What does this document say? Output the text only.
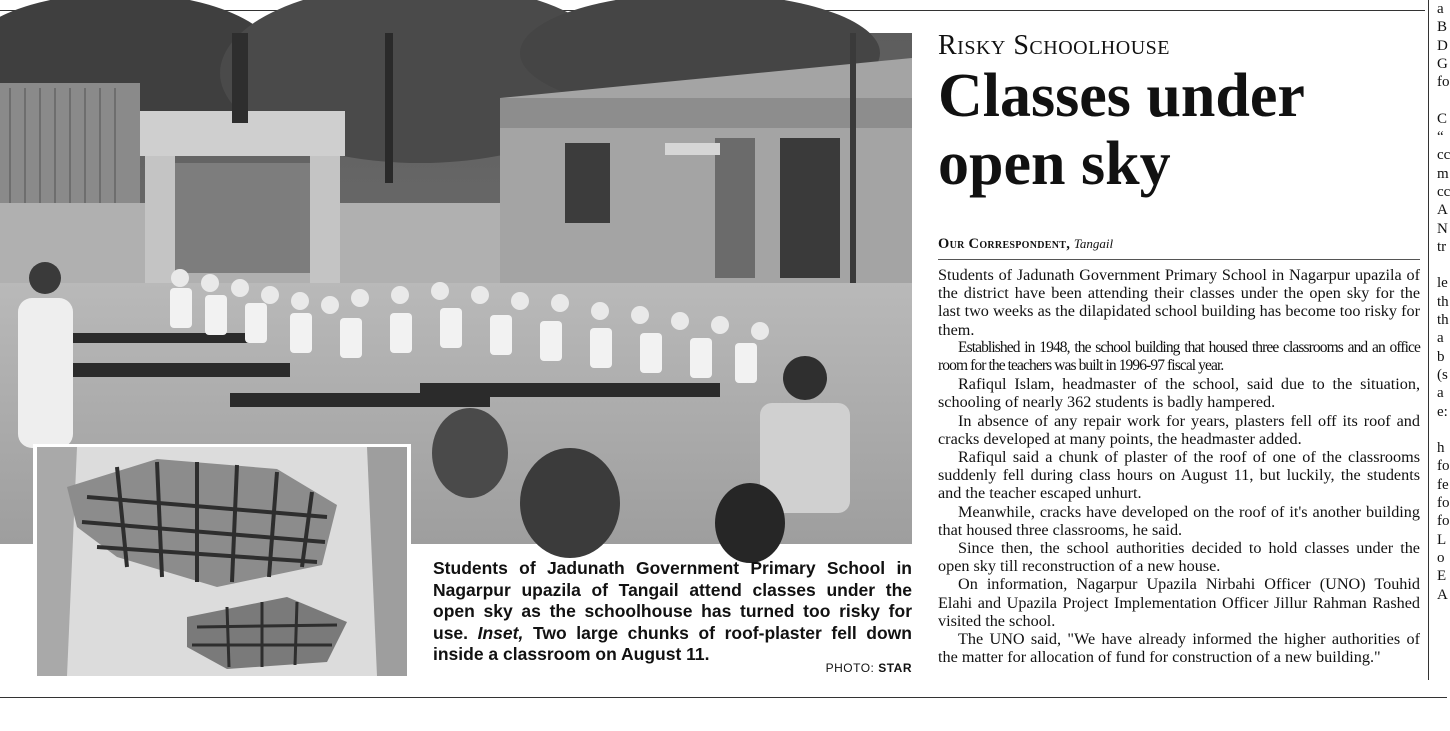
Students of Jadunath Government Primary School in Nagarpur upazila of Tangail attend classes under the open sky as the schoolhouse has turned too risky for use. Inset, Two large chunks of roof-plaster fell down inside a classroom on August 11.
PHOTO: STAR
Risky Schoolhouse
Classes under
open sky
Our Correspondent, Tangail

Students of Jadunath Government Primary School in Nagarpur upazila of the district have been attending their classes under the open sky for the last two weeks as the dilapidated school building has become too risky for them.

Established in 1948, the school building that housed three classrooms and an office room for the teachers was built in 1996-97 fiscal year.

Rafiqul Islam, headmaster of the school, said due to the situation, schooling of nearly 362 students is badly hampered.

In absence of any repair work for years, plasters fell off its roof and cracks developed at many points, the headmaster added.

Rafiqul said a chunk of plaster of the roof of one of the classrooms suddenly fell during class hours on August 11, but luckily, the students and the teacher escaped unhurt.

Meanwhile, cracks have developed on the roof of it's another building that housed three classrooms, he said.

Since then, the school authorities decided to hold classes under the open sky till reconstruction of a new house.

On information, Nagarpur Upazila Nirbahi Officer (UNO) Touhid Elahi and Upazila Project Implementation Officer Jillur Rahman Rashed visited the school.

The UNO said, "We have already informed the higher authorities of the matter for allocation of fund for construction of a new building."

a
B
D
G
fo
C
“
cc
m
cc
A
N
tr
le
th
th
a
b
(s
a
e:
h
fo
fe
fo
fo
L
o
E
A
